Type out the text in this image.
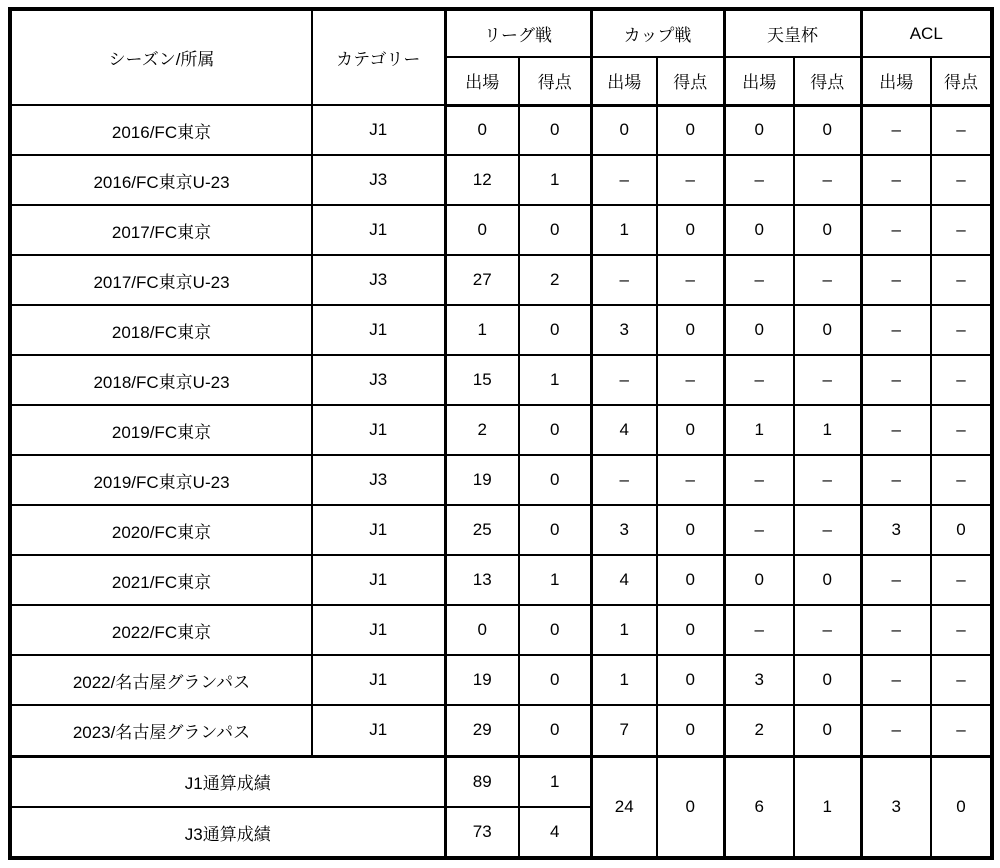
シーズン/所属	カテゴリー	リーグ戦		カップ戦		天皇杯		ACL	
		出場	得点	出場	得点	出場	得点	出場	得点
2016/FC東京	J1	0	0	0	0	0	0	–	–
2016/FC東京U-23	J3	12	1	–	–	–	–	–	–
2017/FC東京	J1	0	0	1	0	0	0	–	–
2017/FC東京U-23	J3	27	2	–	–	–	–	–	–
2018/FC東京	J1	1	0	3	0	0	0	–	–
2018/FC東京U-23	J3	15	1	–	–	–	–	–	–
2019/FC東京	J1	2	0	4	0	1	1	–	–
2019/FC東京U-23	J3	19	0	–	–	–	–	–	–
2020/FC東京	J1	25	0	3	0	–	–	3	0
2021/FC東京	J1	13	1	4	0	0	0	–	–
2022/FC東京	J1	0	0	1	0	–	–	–	–
2022/名古屋グランパス	J1	19	0	1	0	3	0	–	–
2023/名古屋グランパス	J1	29	0	7	0	2	0	–	–
J1通算成績		89	1	24	0	6	1	3	0
J3通算成績		73	4						
